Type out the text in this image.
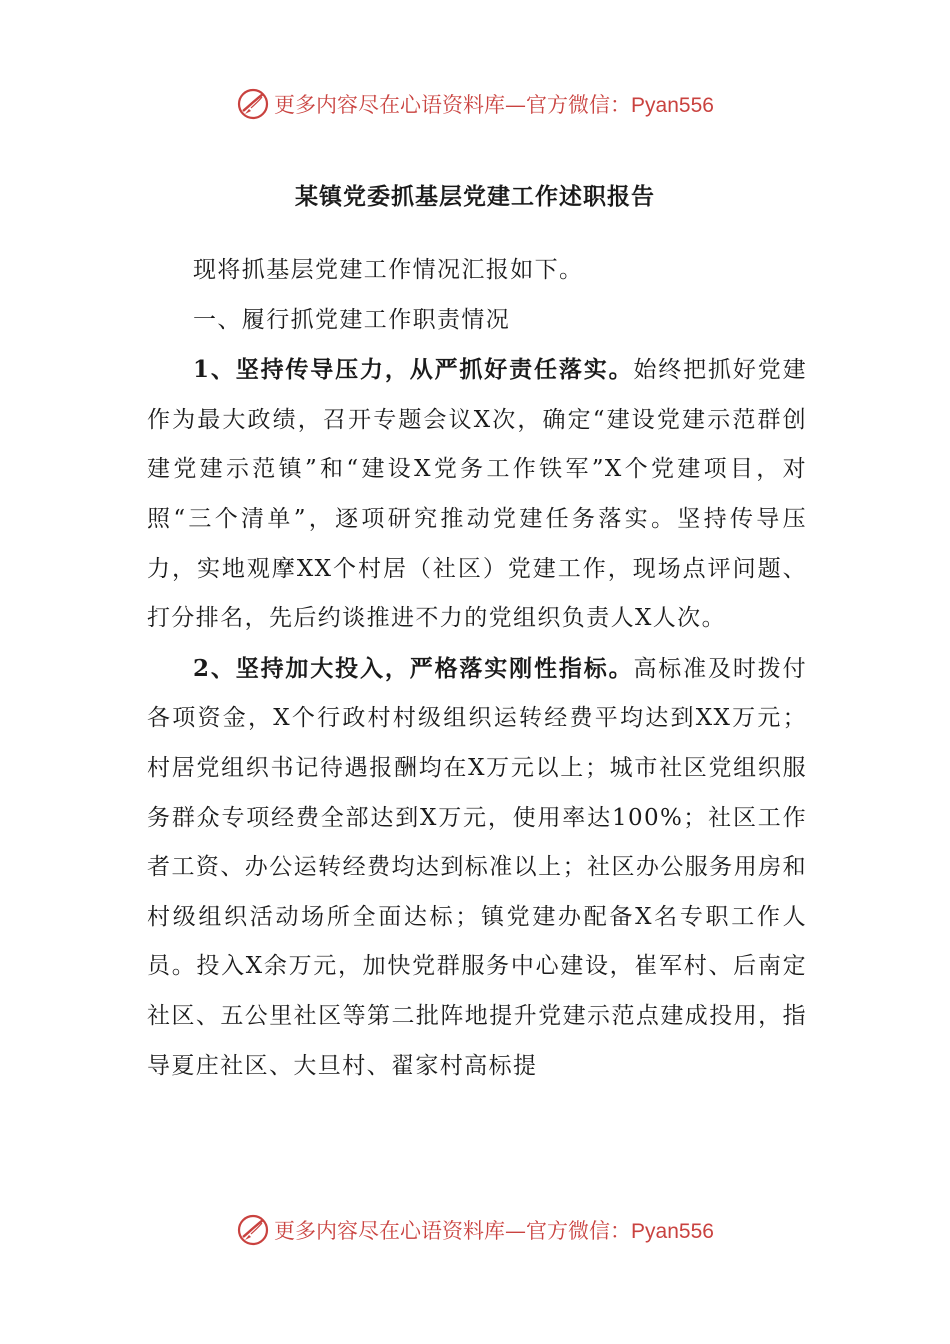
更多内容尽在心语资料库—官方微信：Pyan556
某镇党委抓基层党建工作述职报告

现将抓基层党建工作情况汇报如下。

一、履行抓党建工作职责情况

1、坚持传导压力，从严抓好责任落实。始终把抓好党建作为最大政绩，召开专题会议X次，确定“建设党建示范群创建党建示范镇”和“建设X党务工作铁军”X个党建项目，对照“三个清单”，逐项研究推动党建任务落实。坚持传导压力，实地观摩XX个村居（社区）党建工作，现场点评问题、打分排名，先后约谈推进不力的党组织负责人X人次。

2、坚持加大投入，严格落实刚性指标。高标准及时拨付各项资金，X个行政村村级组织运转经费平均达到XX万元；村居党组织书记待遇报酬均在X万元以上；城市社区党组织服务群众专项经费全部达到X万元，使用率达100%；社区工作者工资、办公运转经费均达到标准以上；社区办公服务用房和村级组织活动场所全面达标；镇党建办配备X名专职工作人员。投入X余万元，加快党群服务中心建设，崔军村、后南定社区、五公里社区等第二批阵地提升党建示范点建成投用，指导夏庄社区、大旦村、翟家村高标提

更多内容尽在心语资料库—官方微信：Pyan556
